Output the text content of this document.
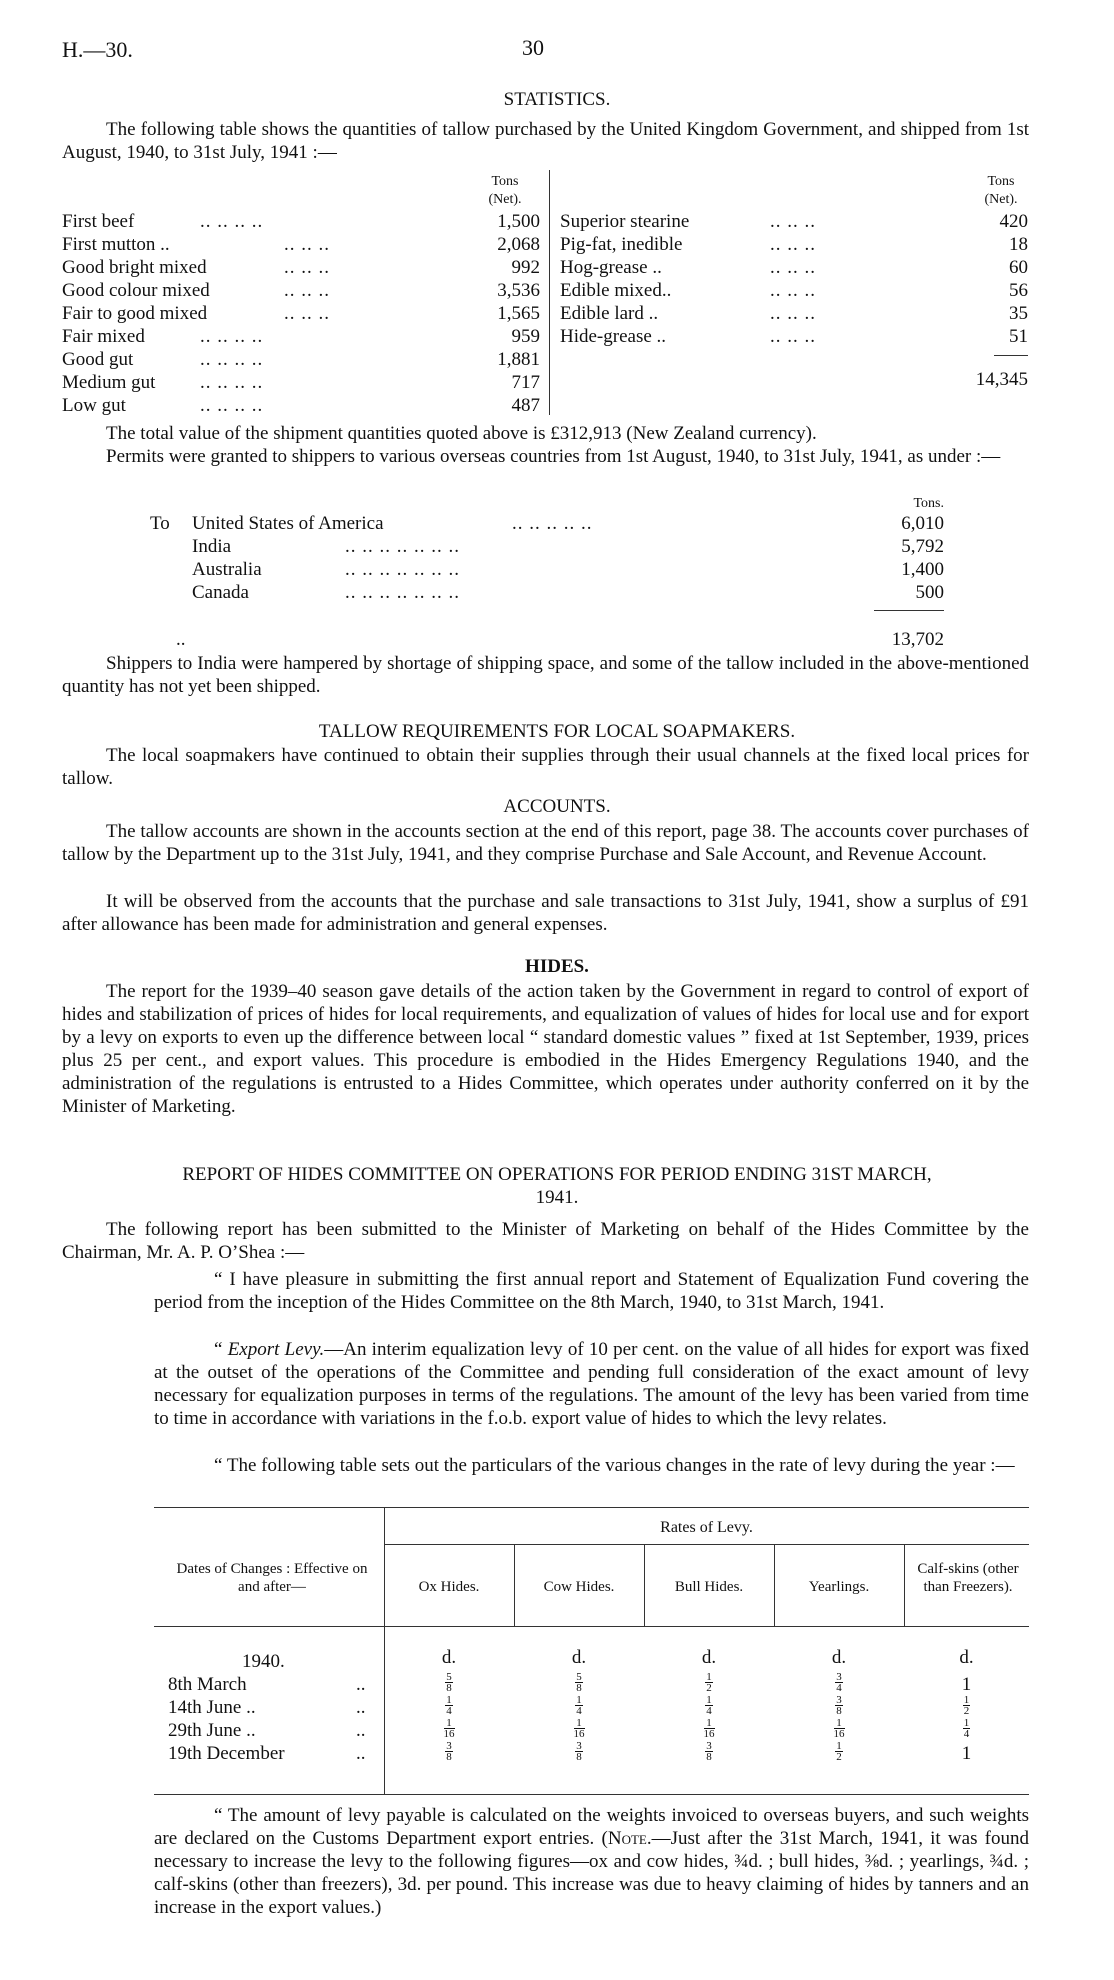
H.—30.	30
STATISTICS.
The following table shows the quantities of tallow purchased by the United Kingdom Government, and shipped from 1st August, 1940, to 31st July, 1941 :—
Tons
(Net).
Tons
(Net).
First beef	.. .. .. ..	1,500
First mutton ..	.. .. ..	2,068
Good bright mixed	.. .. ..	992
Good colour mixed	.. .. ..	3,536
Fair to good mixed	.. .. ..	1,565
Fair mixed	.. .. .. ..	959
Good gut	.. .. .. ..	1,881
Medium gut .. .. .. ..	717
Low gut	.. .. .. ..	487
Superior stearine	.. .. ..	420
Pig-fat, inedible	.. .. ..	18
Hog-grease ..	.. .. ..	60
Edible mixed..	.. .. ..	56
Edible lard ..	.. .. ..	35
Hide-grease ..	.. .. ..	51
14,345
The total value of the shipment quantities quoted above is £312,913 (New Zealand currency).
Permits were granted to shippers to various overseas countries from 1st August, 1940, to 31st July, 1941, as under :—
Tons.
To United States of America	.. .. .. .. ..	6,010
India	.. .. .. .. .. .. ..	5,792
Australia	.. .. .. .. .. .. ..	1,400
Canada	.. .. .. .. .. .. ..	500
..	13,702
Shippers to India were hampered by shortage of shipping space, and some of the tallow included in the above-mentioned quantity has not yet been shipped.
TALLOW REQUIREMENTS FOR LOCAL SOAPMAKERS.
The local soapmakers have continued to obtain their supplies through their usual channels at the fixed local prices for tallow.
ACCOUNTS.
The tallow accounts are shown in the accounts section at the end of this report, page 38. The accounts cover purchases of tallow by the Department up to the 31st July, 1941, and they comprise Purchase and Sale Account, and Revenue Account.
It will be observed from the accounts that the purchase and sale transactions to 31st July, 1941, show a surplus of £91 after allowance has been made for administration and general expenses.
HIDES.
The report for the 1939–40 season gave details of the action taken by the Government in regard to control of export of hides and stabilization of prices of hides for local requirements, and equalization of values of hides for local use and for export by a levy on exports to even up the difference between local “ standard domestic values ” fixed at 1st September, 1939, prices plus 25 per cent., and export values. This procedure is embodied in the Hides Emergency Regulations 1940, and the administration of the regulations is entrusted to a Hides Committee, which operates under authority conferred on it by the Minister of Marketing.
REPORT OF HIDES COMMITTEE ON OPERATIONS FOR PERIOD ENDING 31ST MARCH,
1941.
The following report has been submitted to the Minister of Marketing on behalf of the Hides Committee by the Chairman, Mr. A. P. O’Shea :—
“ I have pleasure in submitting the first annual report and Statement of Equalization Fund covering the period from the inception of the Hides Committee on the 8th March, 1940, to 31st March, 1941.
“ Export Levy.—An interim equalization levy of 10 per cent. on the value of all hides for export was fixed at the outset of the operations of the Committee and pending full consideration of the exact amount of levy necessary for equalization purposes in terms of the regulations. The amount of the levy has been varied from time to time in accordance with variations in the f.o.b. export value of hides to which the levy relates.
“ The following table sets out the particulars of the various changes in the rate of levy during the year :—
Dates of Changes : Effective on and after—
Rates of Levy.
Ox Hides.	Cow Hides.	Bull Hides.	Yearlings.
Calf-skins (other than Freezers).
d.	d.	d.	d.	d.
1940.
8th March	..	$\frac{5}{8}$	$\frac{5}{8}$	$\frac{1}{2}$	$\frac{3}{4}$	1
14th June ..	..	$\frac{1}{4}$	$\frac{1}{4}$	$\frac{1}{4}$	$\frac{3}{8}$	$\frac{1}{2}$
29th June ..	..	$\frac{1}{16}$	$\frac{1}{16}$	$\frac{1}{16}$	$\frac{1}{16}$	$\frac{1}{4}$
19th December	..	$\frac{3}{8}$	$\frac{3}{8}$	$\frac{3}{8}$	$\frac{1}{2}$	1
“ The amount of levy payable is calculated on the weights invoiced to overseas buyers, and such weights are declared on the Customs Department export entries. (Note.—Just after the 31st March, 1941, it was found necessary to increase the levy to the following figures—ox and cow hides, ¾d. ; bull hides, ⅜d. ; yearlings, ¾d. ; calf-skins (other than freezers), 3d. per pound. This increase was due to heavy claiming of hides by tanners and an increase in the export values.)
